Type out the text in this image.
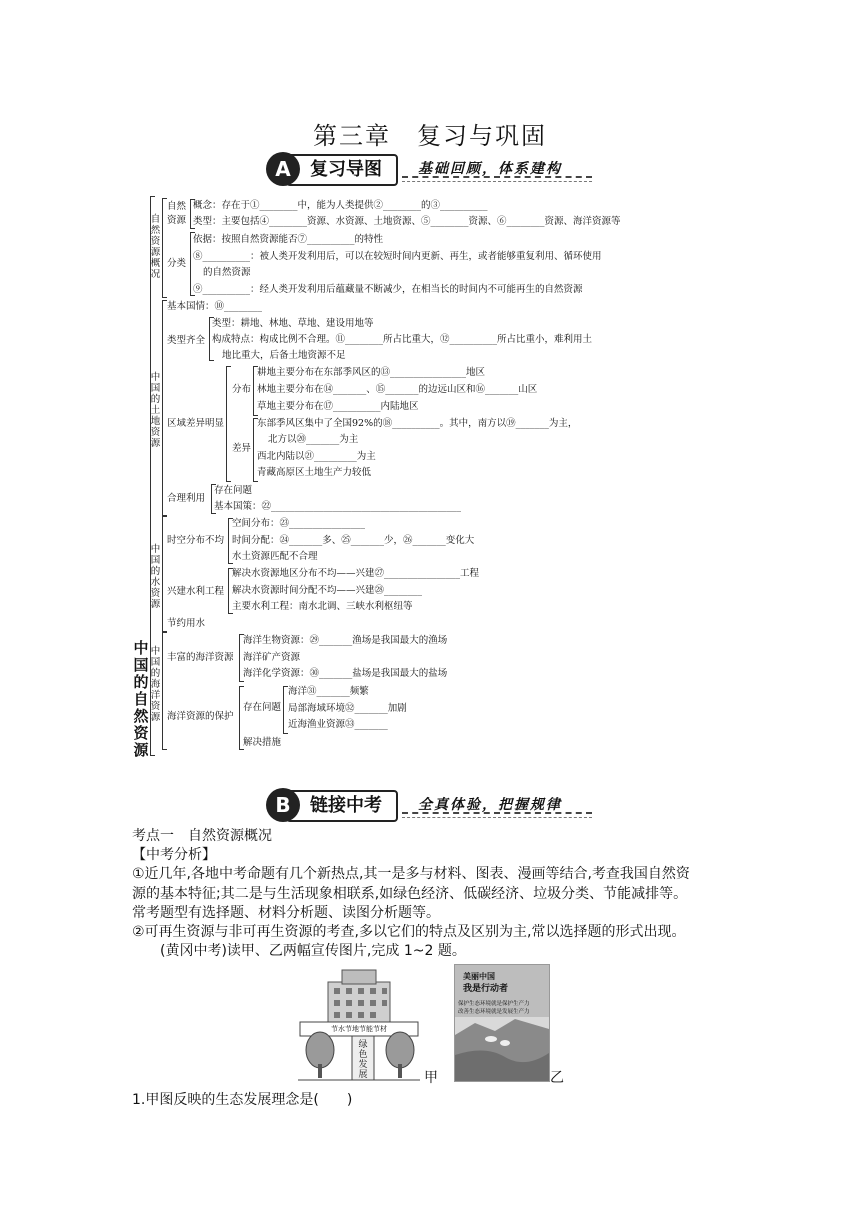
第三章　复习与巩固
A	复习导图	基础回顾，体系建构
中国的自然资源
自然资源概况
自然
资源
概念：存在于①________中，能为人类提供②________的③__________
类型：主要包括④________资源、水资源、土地资源、⑤________资源、⑥________资源、海洋资源等
分类
依据：按照自然资源能否⑦__________的特性
⑧__________：被人类开发利用后，可以在较短时间内更新、再生，或者能够重复利用、循环使用
的自然资源
⑨__________：经人类开发利用后蕴藏量不断减少，在相当长的时间内不可能再生的自然资源
中国的土地资源
基本国情：⑩________
类型齐全
类型：耕地、林地、草地、建设用地等
构成特点：构成比例不合理。⑪________所占比重大，⑫__________所占比重小，难利用土
地比重大，后备土地资源不足
区域差异明显
分布
耕地主要分布在东部季风区的⑬________________地区
林地主要分布在⑭_______、⑮_______的边远山区和⑯_______山区
草地主要分布在⑰__________内陆地区
差异
东部季风区集中了全国92%的⑱__________。其中，南方以⑲_______为主，
北方以⑳_______为主
西北内陆以㉑_________为主
青藏高原区土地生产力较低
合理利用
存在问题
基本国策：㉒________________________________________
中国的水资源
时空分布不均
空间分布：㉓________________
时间分配：㉔_______多、㉕_______少，㉖_______变化大
水土资源匹配不合理
兴建水利工程
解决水资源地区分布不均——兴建㉗________________工程
解决水资源时间分配不均——兴建㉘________
主要水利工程：南水北调、三峡水利枢纽等
节约用水
中国的海洋资源
丰富的海洋资源
海洋生物资源：㉙_______渔场是我国最大的渔场
海洋矿产资源
海洋化学资源：㉚_______盐场是我国最大的盐场
海洋资源的保护
存在问题
海洋㉛_______频繁
局部海域环境㉜_______加剧
近海渔业资源㉝_______
解决措施
B	链接中考	全真体验，把握规律
考点一　自然资源概况
【中考分析】
①近几年,各地中考命题有几个新热点,其一是多与材料、图表、漫画等结合,考查我国自然资
源的基本特征;其二是与生活现象相联系,如绿色经济、低碳经济、垃圾分类、节能减排等。
常考题型有选择题、材料分析题、读图分析题等。
②可再生资源与非可再生资源的考查,多以它们的特点及区别为主,常以选择题的形式出现。
(黄冈中考)读甲、乙两幅宣传图片,完成 1~2 题。
节水节地节能节材
绿色发展	甲
美丽中国
我是行动者
保护生态环境就是保护生产力
改善生态环境就是发展生产力
乙
1.甲图反映的生态发展理念是(　　)
